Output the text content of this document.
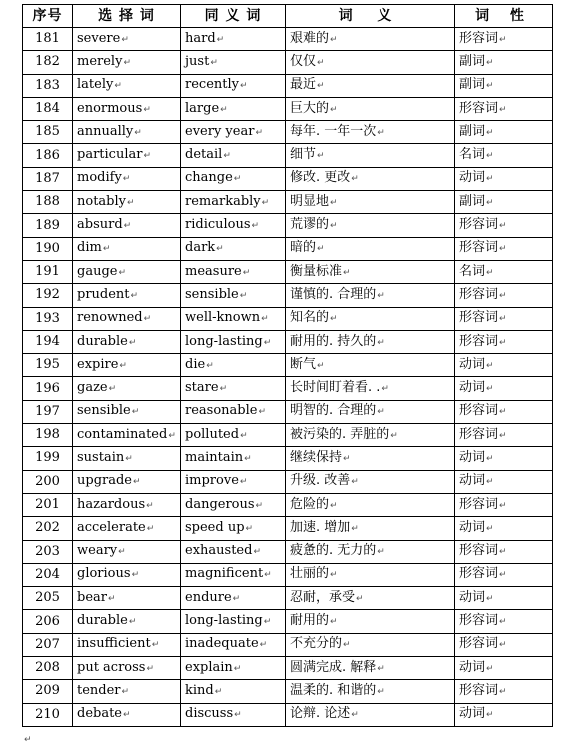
序号	选 择 词	同 义 词	词 义	词 性
181	severe↵	hard↵	艰难的↵	形容词↵
182	merely↵	just↵	仅仅↵	副词↵
183	lately↵	recently↵	最近↵	副词↵
184	enormous↵	large↵	巨大的↵	形容词↵
185	annually↵	every year↵	每年. 一年一次↵	副词↵
186	particular↵	detail↵	细节↵	名词↵
187	modify↵	change↵	修改. 更改↵	动词↵
188	notably↵	remarkably↵	明显地↵	副词↵
189	absurd↵	ridiculous↵	荒谬的↵	形容词↵
190	dim↵	dark↵	暗的↵	形容词↵
191	gauge↵	measure↵	衡量标准↵	名词↵
192	prudent↵	sensible↵	谨慎的. 合理的↵	形容词↵
193	renowned↵	well-known↵	知名的↵	形容词↵
194	durable↵	long-lasting↵	耐用的. 持久的↵	形容词↵
195	expire↵	die↵	断气↵	动词↵
196	gaze↵	stare↵	长时间盯着看. .↵	动词↵
197	sensible↵	reasonable↵	明智的. 合理的↵	形容词↵
198	contaminated↵	polluted↵	被污染的. 弄脏的↵	形容词↵
199	sustain↵	maintain↵	继续保持↵	动词↵
200	upgrade↵	improve↵	升级. 改善↵	动词↵
201	hazardous↵	dangerous↵	危险的↵	形容词↵
202	accelerate↵	speed up↵	加速. 增加↵	动词↵
203	weary↵	exhausted↵	疲惫的. 无力的↵	形容词↵
204	glorious↵	magnificent↵	壮丽的↵	形容词↵
205	bear↵	endure↵	忍耐，承受↵	动词↵
206	durable↵	long-lasting↵	耐用的↵	形容词↵
207	insufficient↵	inadequate↵	不充分的↵	形容词↵
208	put across↵	explain↵	圆满完成. 解释↵	动词↵
209	tender↵	kind↵	温柔的. 和谐的↵	形容词↵
210	debate↵	discuss↵	论辩. 论述↵	动词↵
↵
